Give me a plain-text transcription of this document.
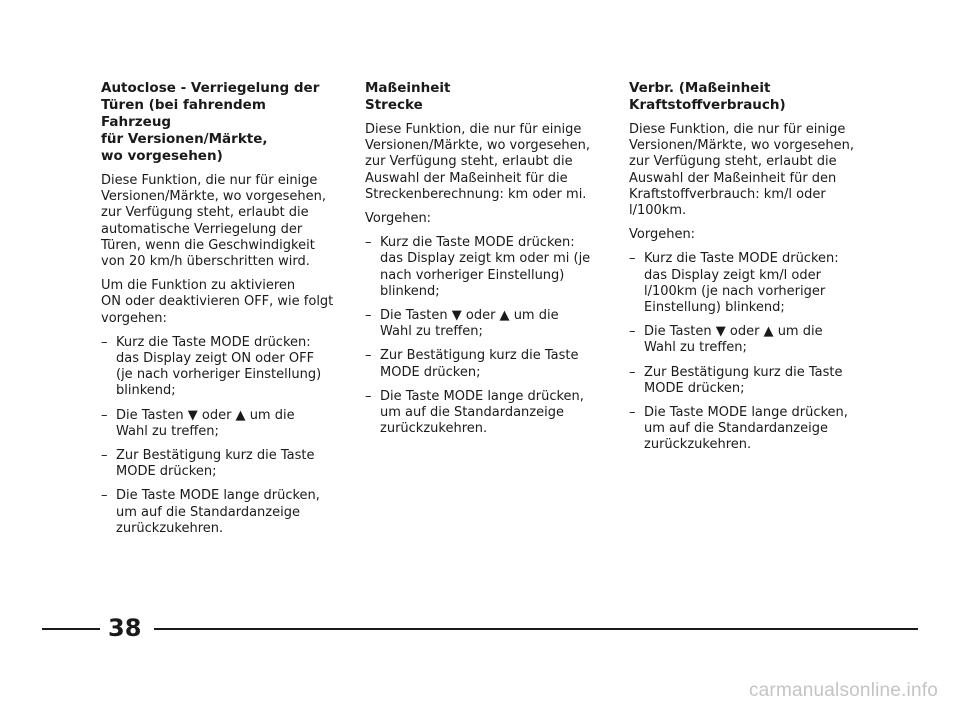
Autoclose - Verriegelung der
Türen (bei fahrendem Fahrzeug
für Versionen/Märkte,
wo vorgesehen)

Diese Funktion, die nur für einige
Versionen/Märkte, wo vorgesehen,
zur Verfügung steht, erlaubt die
automatische Verriegelung der
Türen, wenn die Geschwindigkeit
von 20 km/h überschritten wird.

Um die Funktion zu aktivieren
ON oder deaktivieren OFF, wie folgt
vorgehen:

– Kurz die Taste MODE drücken:
das Display zeigt ON oder OFF
(je nach vorheriger Einstellung)
blinkend;
– Die Tasten ▼ oder ▲ um die
Wahl zu treffen;
– Zur Bestätigung kurz die Taste
MODE drücken;
– Die Taste MODE lange drücken,
um auf die Standardanzeige
zurückzukehren.
Maßeinheit
Strecke

Diese Funktion, die nur für einige
Versionen/Märkte, wo vorgesehen,
zur Verfügung steht, erlaubt die
Auswahl der Maßeinheit für die
Streckenberechnung: km oder mi.

Vorgehen:

– Kurz die Taste MODE drücken:
das Display zeigt km oder mi (je
nach vorheriger Einstellung)
blinkend;
– Die Tasten ▼ oder ▲ um die
Wahl zu treffen;
– Zur Bestätigung kurz die Taste
MODE drücken;
– Die Taste MODE lange drücken,
um auf die Standardanzeige
zurückzukehren.
Verbr. (Maßeinheit
Kraftstoffverbrauch)

Diese Funktion, die nur für einige
Versionen/Märkte, wo vorgesehen,
zur Verfügung steht, erlaubt die
Auswahl der Maßeinheit für den
Kraftstoffverbrauch: km/l oder
l/100km.

Vorgehen:

– Kurz die Taste MODE drücken:
das Display zeigt km/l oder
l/100km (je nach vorheriger
Einstellung) blinkend;
– Die Tasten ▼ oder ▲ um die
Wahl zu treffen;
– Zur Bestätigung kurz die Taste
MODE drücken;
– Die Taste MODE lange drücken,
um auf die Standardanzeige
zurückzukehren.
38
carmanualsonline.info
